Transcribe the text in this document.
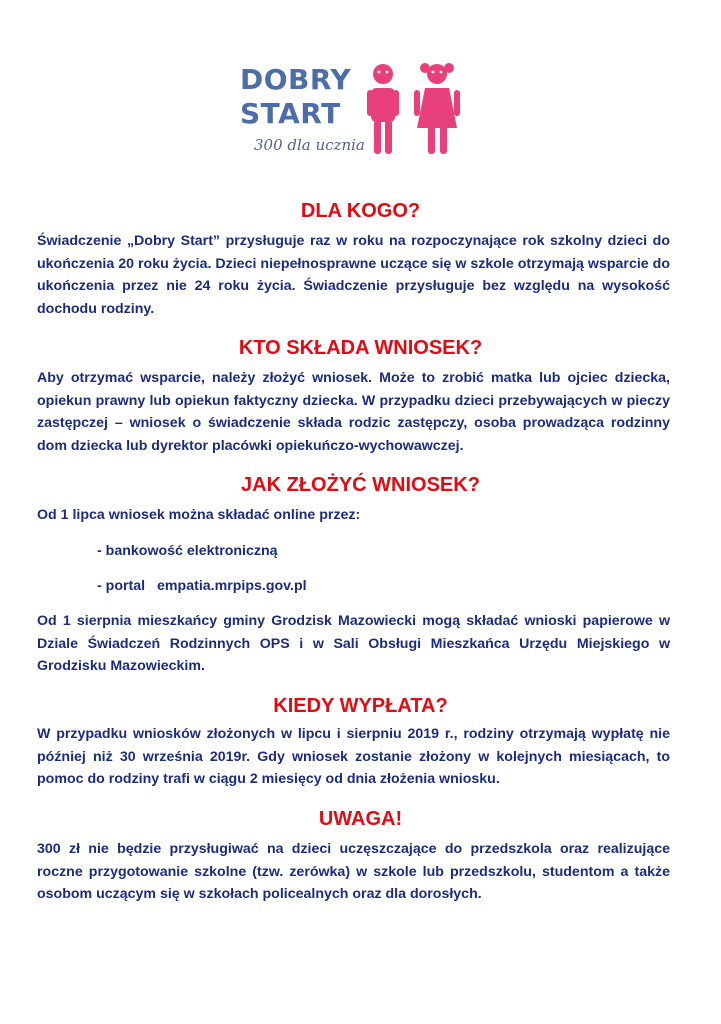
DOBRY
START
300 dla ucznia
DLA KOGO?

Świadczenie „Dobry Start” przysługuje raz w roku na rozpoczynające rok szkolny dzieci do ukończenia 20 roku życia. Dzieci niepełnosprawne uczące się w szkole otrzymają wsparcie do ukończenia przez nie 24 roku życia. Świadczenie przysługuje bez względu na wysokość dochodu rodziny.

KTO SKŁADA WNIOSEK?

Aby otrzymać wsparcie, należy złożyć wniosek. Może to zrobić matka lub ojciec dziecka, opiekun prawny lub opiekun faktyczny dziecka. W przypadku dzieci przebywających w pieczy zastępczej – wniosek o świadczenie składa rodzic zastępczy, osoba prowadząca rodzinny dom dziecka lub dyrektor placówki opiekuńczo-wychowawczej.

JAK ZŁOŻYĆ WNIOSEK?

Od 1 lipca wniosek można składać online przez:

- bankowość elektroniczną

- portal empatia.mrpips.gov.pl

Od 1 sierpnia mieszkańcy gminy Grodzisk Mazowiecki mogą składać wnioski papierowe w Dziale Świadczeń Rodzinnych OPS i w Sali Obsługi Mieszkańca Urzędu Miejskiego w Grodzisku Mazowieckim.

KIEDY WYPŁATA?

W przypadku wniosków złożonych w lipcu i sierpniu 2019 r., rodziny otrzymają wypłatę nie później niż 30 września 2019r. Gdy wniosek zostanie złożony w kolejnych miesiącach, to pomoc do rodziny trafi w ciągu 2 miesięcy od dnia złożenia wniosku.

UWAGA!

300 zł nie będzie przysługiwać na dzieci uczęszczające do przedszkola oraz realizujące roczne przygotowanie szkolne (tzw. zerówka) w szkole lub przedszkolu, studentom a także osobom uczącym się w szkołach policealnych oraz dla dorosłych.
